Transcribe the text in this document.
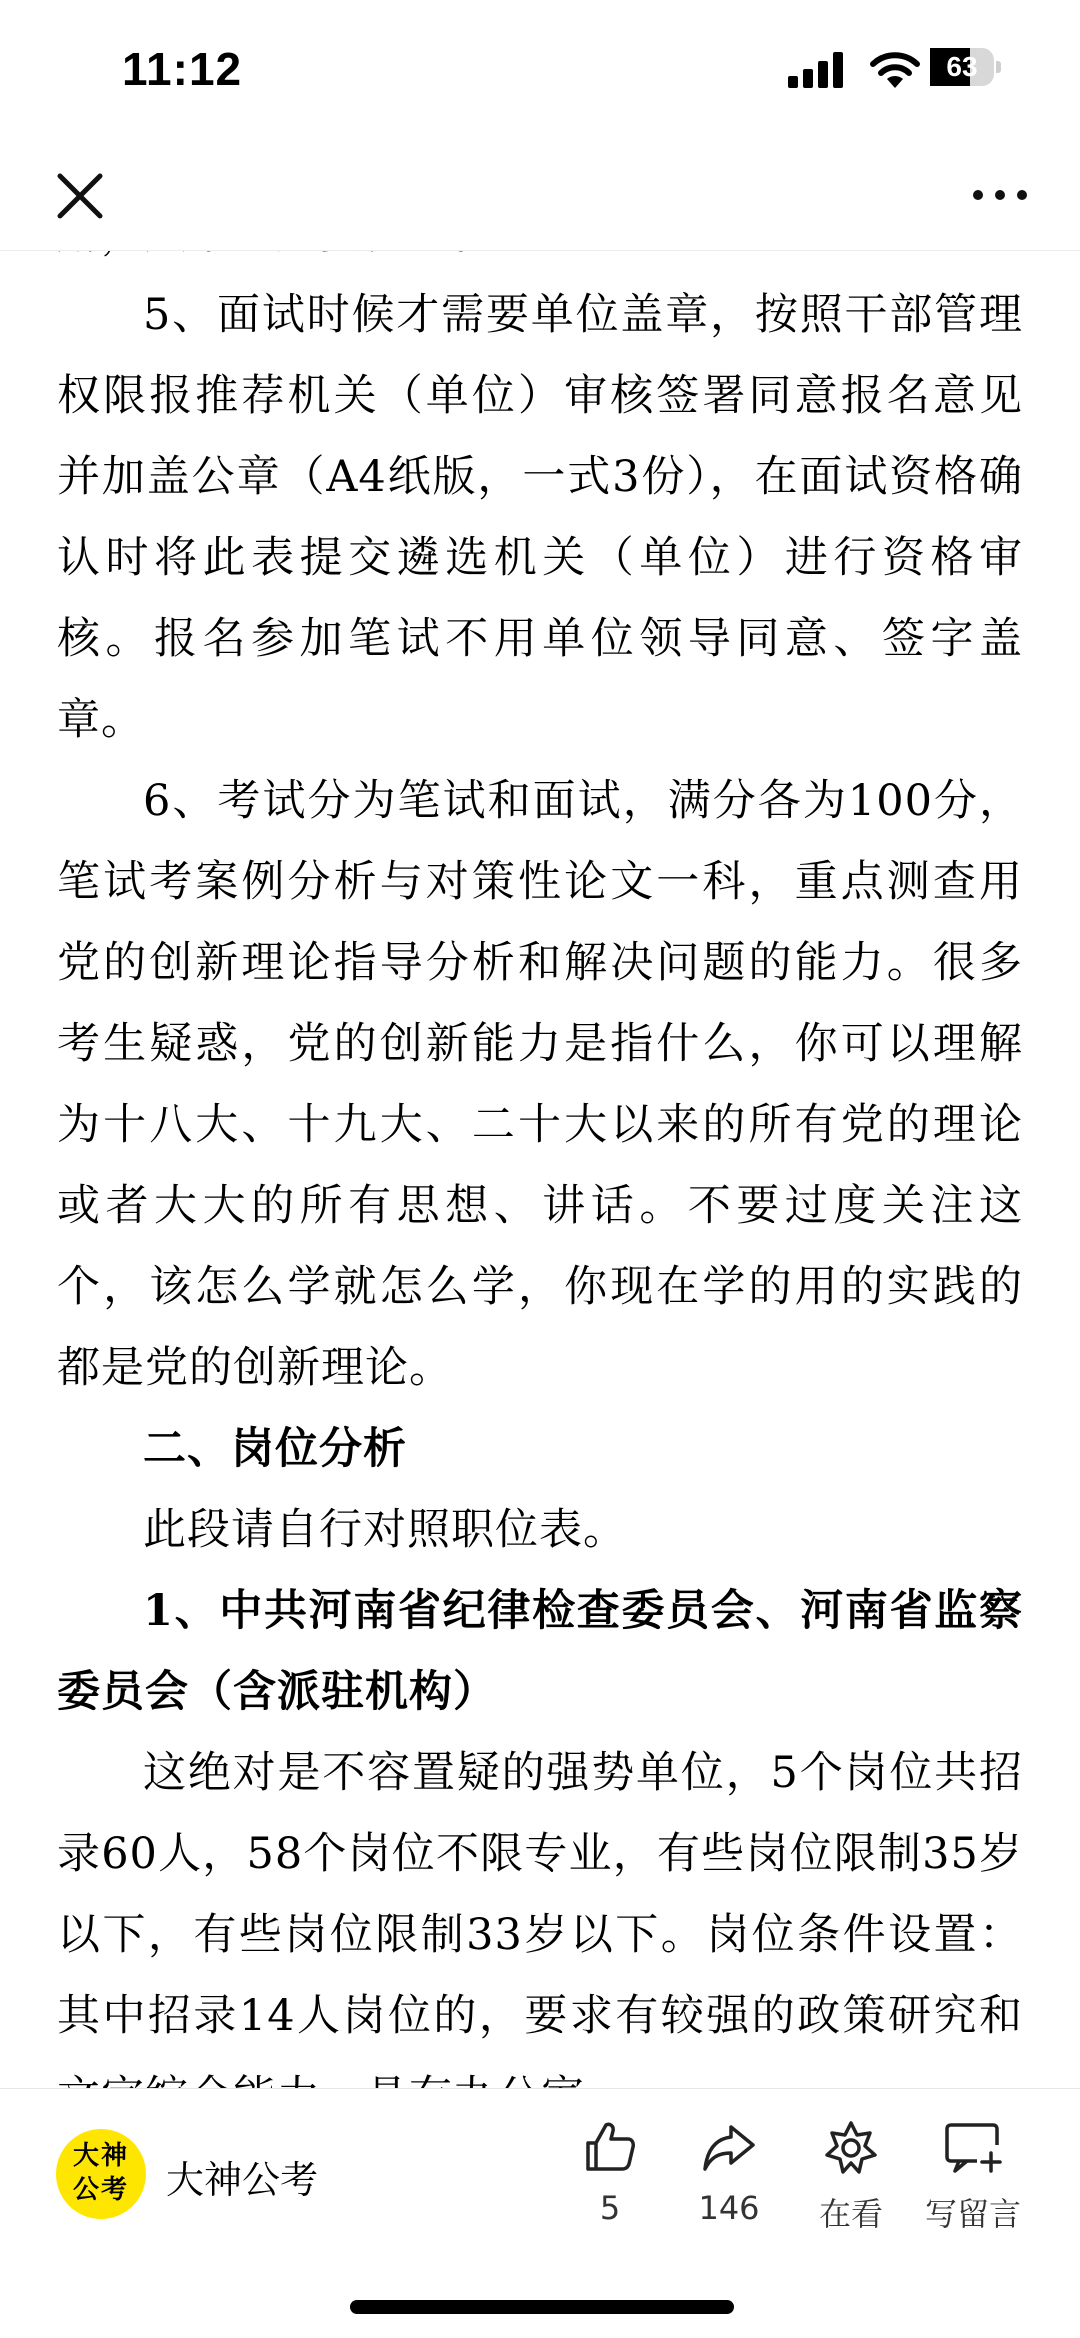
11:12	63

5、面试时候才需要单位盖章，按照干部管理权限报推荐机关（单位）审核签署同意报名意见并加盖公章（A4纸版，一式3份），在面试资格确认时将此表提交遴选机关（单位）进行资格审核。报名参加笔试不用单位领导同意、签字盖章。

6、考试分为笔试和面试，满分各为100分，笔试考案例分析与对策性论文一科，重点测查用党的创新理论指导分析和解决问题的能力。很多考生疑惑，党的创新能力是指什么，你可以理解为十八大、十九大、二十大以来的所有党的理论或者大大的所有思想、讲话。不要过度关注这个，该怎么学就怎么学，你现在学的用的实践的都是党的创新理论。

二、岗位分析

此段请自行对照职位表。

1、中共河南省纪律检查委员会、河南省监察委员会（含派驻机构）

这绝对是不容置疑的强势单位，5个岗位共招录60人，58个岗位不限专业，有些岗位限制35岁以下，有些岗位限制33岁以下。岗位条件设置：其中招录14人岗位的，要求有较强的政策研究和

大神
公考 大神公考
5	146	在看	写留言
